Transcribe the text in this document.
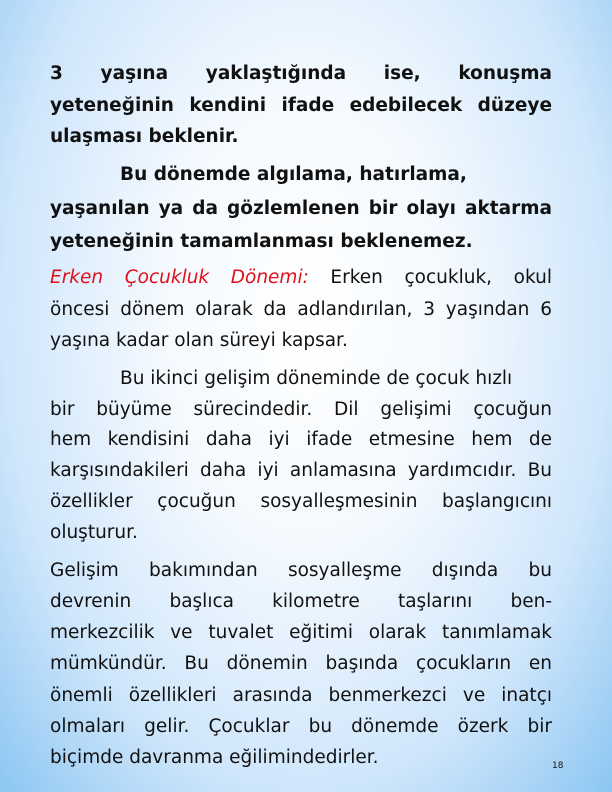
3 yaşına yaklaştığında ise, konuşma
yeteneğinin kendini ifade edebilecek düzeye
ulaşması beklenir.
Bu dönemde algılama, hatırlama,
yaşanılan ya da gözlemlenen bir olayı aktarma
yeteneğinin tamamlanması beklenemez.
Erken Çocukluk Dönemi: Erken çocukluk, okul
öncesi dönem olarak da adlandırılan, 3 yaşından 6
yaşına kadar olan süreyi kapsar.
Bu ikinci gelişim döneminde de çocuk hızlı
bir büyüme sürecindedir. Dil gelişimi çocuğun
hem kendisini daha iyi ifade etmesine hem de
karşısındakileri daha iyi anlamasına yardımcıdır. Bu
özellikler çocuğun sosyalleşmesinin başlangıcını
oluşturur.
Gelişim bakımından sosyalleşme dışında bu
devrenin başlıca kilometre taşlarını ben-
merkezcilik ve tuvalet eğitimi olarak tanımlamak
mümkündür. Bu dönemin başında çocukların en
önemli özellikleri arasında benmerkezci ve inatçı
olmaları gelir. Çocuklar bu dönemde özerk bir
biçimde davranma eğilimindedirler.	18
